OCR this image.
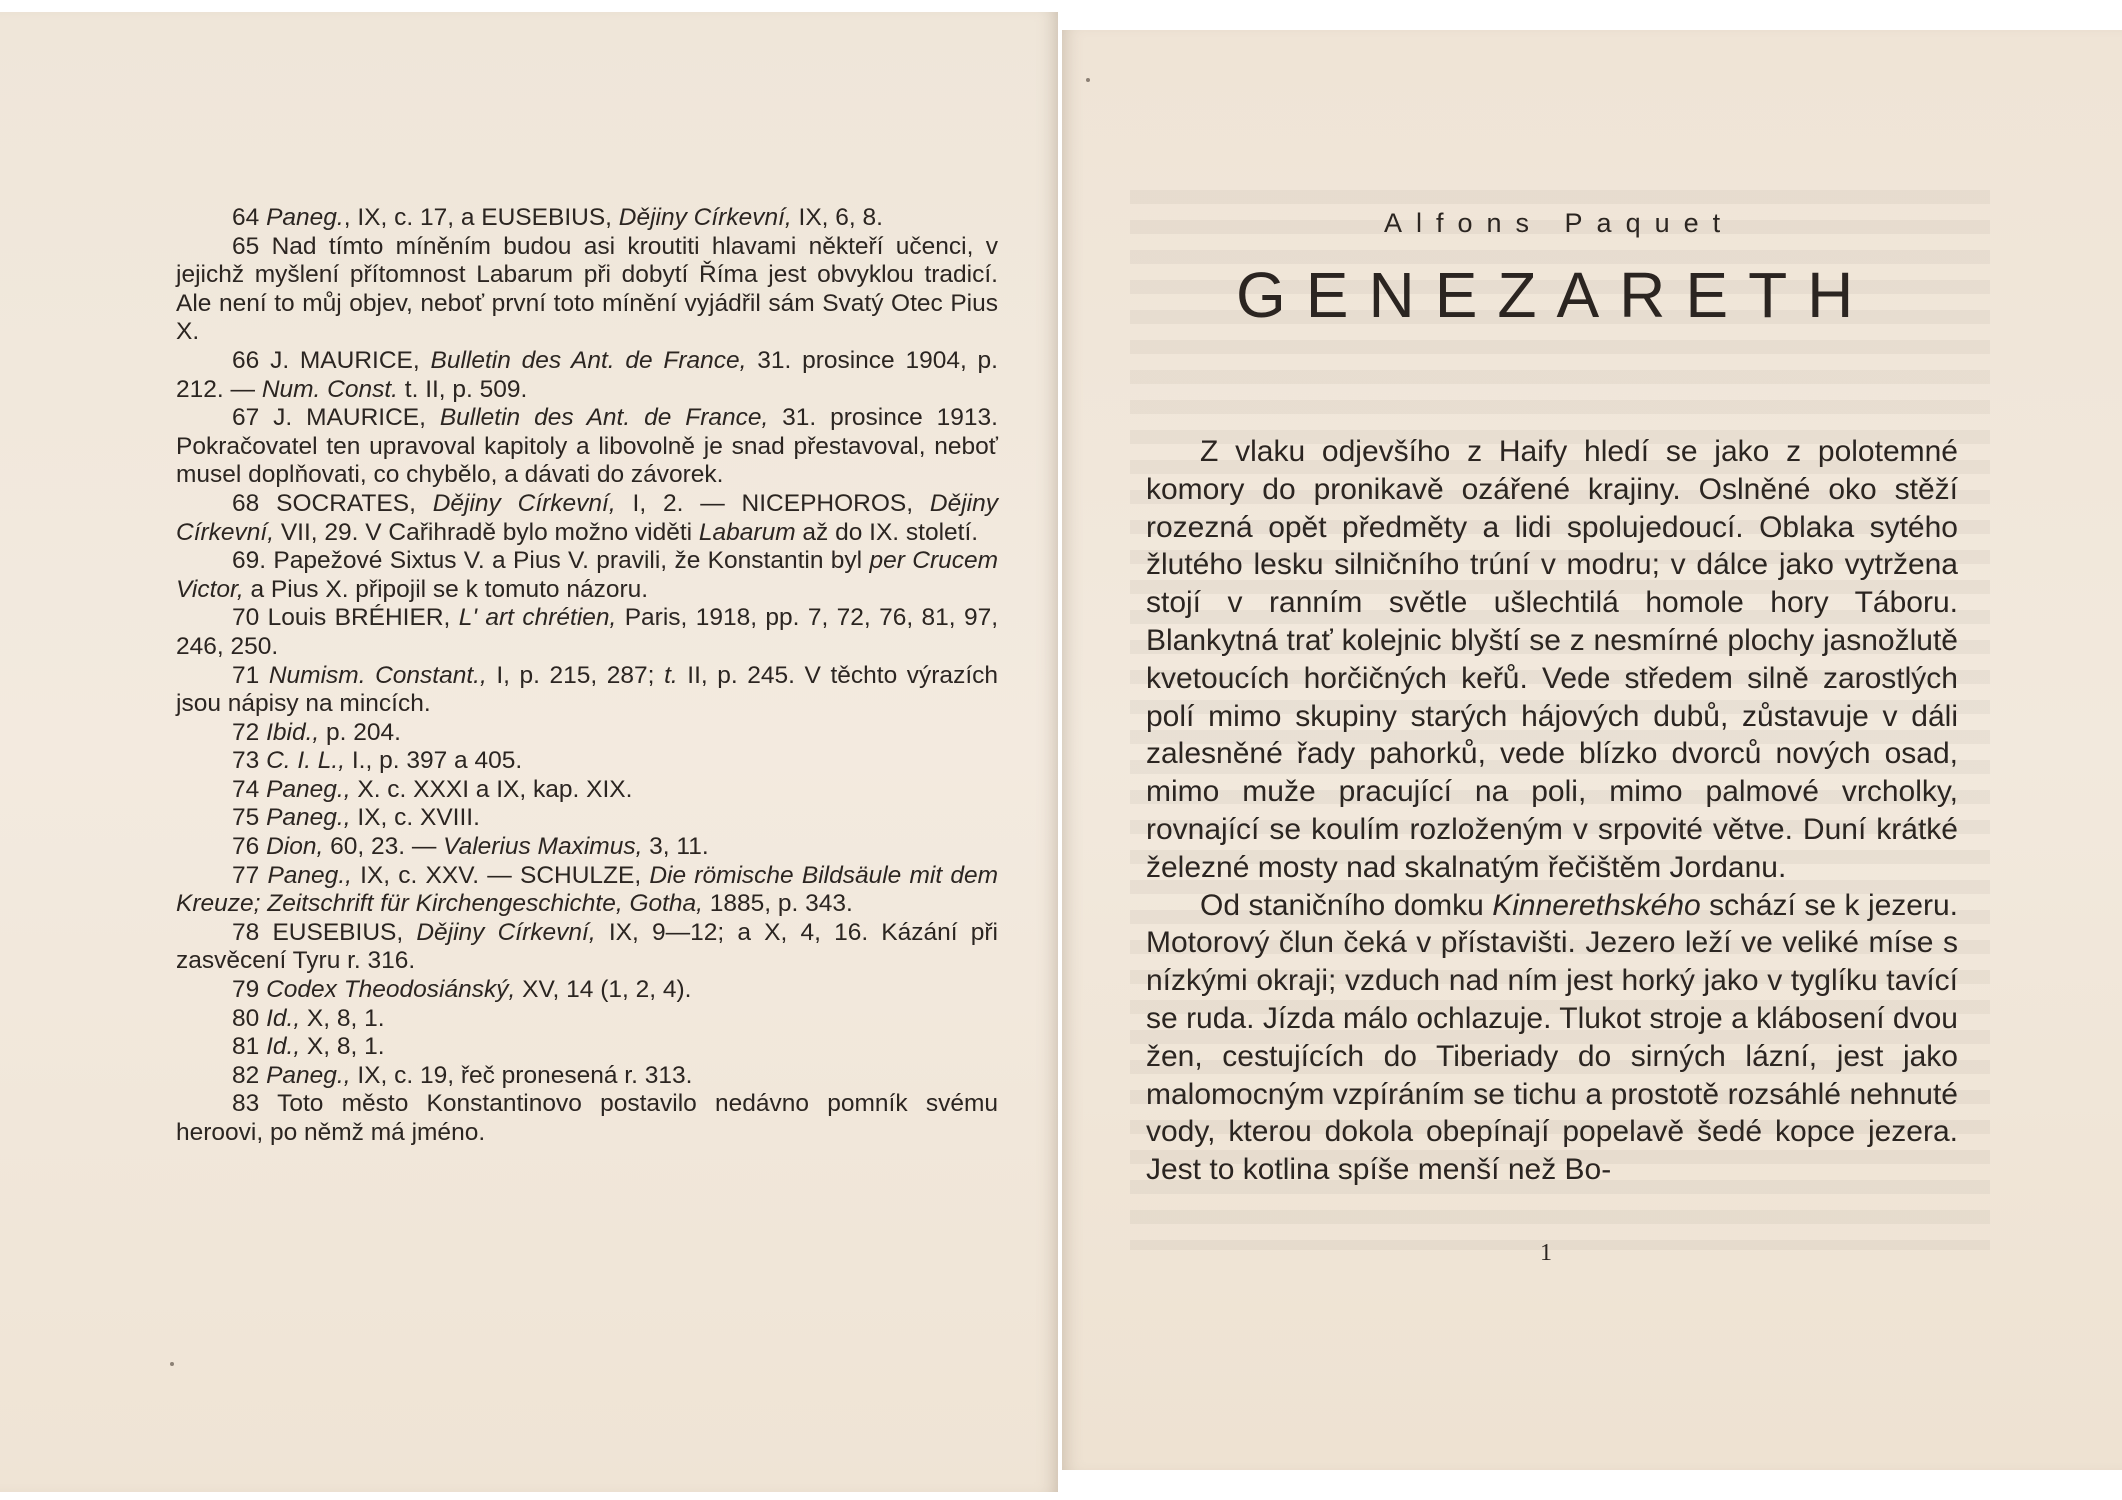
64 Paneg., IX, c. 17, a EUSEBIUS, Dějiny Církevní, IX, 6, 8.

65 Nad tímto míněním budou asi kroutiti hlavami někteří učenci, v jejichž myšlení přítomnost Labarum při dobytí Říma jest obvyklou tradicí. Ale není to můj objev, neboť první toto mínění vyjádřil sám Svatý Otec Pius X.

66 J. MAURICE, Bulletin des Ant. de France, 31. prosince 1904, p. 212. — Num. Const. t. II, p. 509.

67 J. MAURICE, Bulletin des Ant. de France, 31. prosince 1913. Pokračovatel ten upravoval kapitoly a libovolně je snad přestavoval, neboť musel doplňovati, co chybělo, a dávati do závorek.

68 SOCRATES, Dějiny Církevní, I, 2. — NICEPHOROS, Dějiny Církevní, VII, 29. V Cařihradě bylo možno viděti Labarum až do IX. století.

69. Papežové Sixtus V. a Pius V. pravili, že Konstantin byl per Crucem Victor, a Pius X. připojil se k tomuto názoru.

70 Louis BRÉHIER, L' art chrétien, Paris, 1918, pp. 7, 72, 76, 81, 97, 246, 250.

71 Numism. Constant., I, p. 215, 287; t. II, p. 245. V těchto výrazích jsou nápisy na mincích.

72 Ibid., p. 204.

73 C. I. L., I., p. 397 a 405.

74 Paneg., X. c. XXXI a IX, kap. XIX.

75 Paneg., IX, c. XVIII.

76 Dion, 60, 23. — Valerius Maximus, 3, 11.

77 Paneg., IX, c. XXV. — SCHULZE, Die römische Bildsäule mit dem Kreuze; Zeitschrift für Kirchengeschichte, Gotha, 1885, p. 343.

78 EUSEBIUS, Dějiny Církevní, IX, 9—12; a X, 4, 16. Kázání při zasvěcení Tyru r. 316.

79 Codex Theodosiánský, XV, 14 (1, 2, 4).

80 Id., X, 8, 1.

81 Id., X, 8, 1.

82 Paneg., IX, c. 19, řeč pronesená r. 313.

83 Toto město Konstantinovo postavilo nedávno pomník svému heroovi, po němž má jméno.

Alfons Paquet
GENEZARETH

Z vlaku odjevšího z Haify hledí se jako z polotemné komory do pronikavě ozářené krajiny. Oslněné oko stěží rozezná opět předměty a lidi spolujedoucí. Oblaka sytého žlutého lesku silničního trúní v modru; v dálce jako vytržena stojí v ranním světle ušlechtilá homole hory Táboru. Blankytná trať kolejnic blyští se z nesmírné plochy jasnožlutě kvetoucích horčičných keřů. Vede středem silně zarostlých polí mimo skupiny starých hájových dubů, zůstavuje v dáli zalesněné řady pahorků, vede blízko dvorců nových osad, mimo muže pracující na poli, mimo palmové vrcholky, rovnající se koulím rozloženým v srpovité větve. Duní krátké železné mosty nad skalnatým řečištěm Jordanu.

Od staničního domku Kinnerethského schází se k jezeru. Motorový člun čeká v přístavišti. Jezero leží ve veliké míse s nízkými okraji; vzduch nad ním jest horký jako v tyglíku tavící se ruda. Jízda málo ochlazuje. Tlukot stroje a klábosení dvou žen, cestujících do Tiberiady do sirných lázní, jest jako malomocným vzpíráním se tichu a prostotě rozsáhlé nehnuté vody, kterou dokola obepínají popelavě šedé kopce jezera. Jest to kotlina spíše menší než Bo-

1
